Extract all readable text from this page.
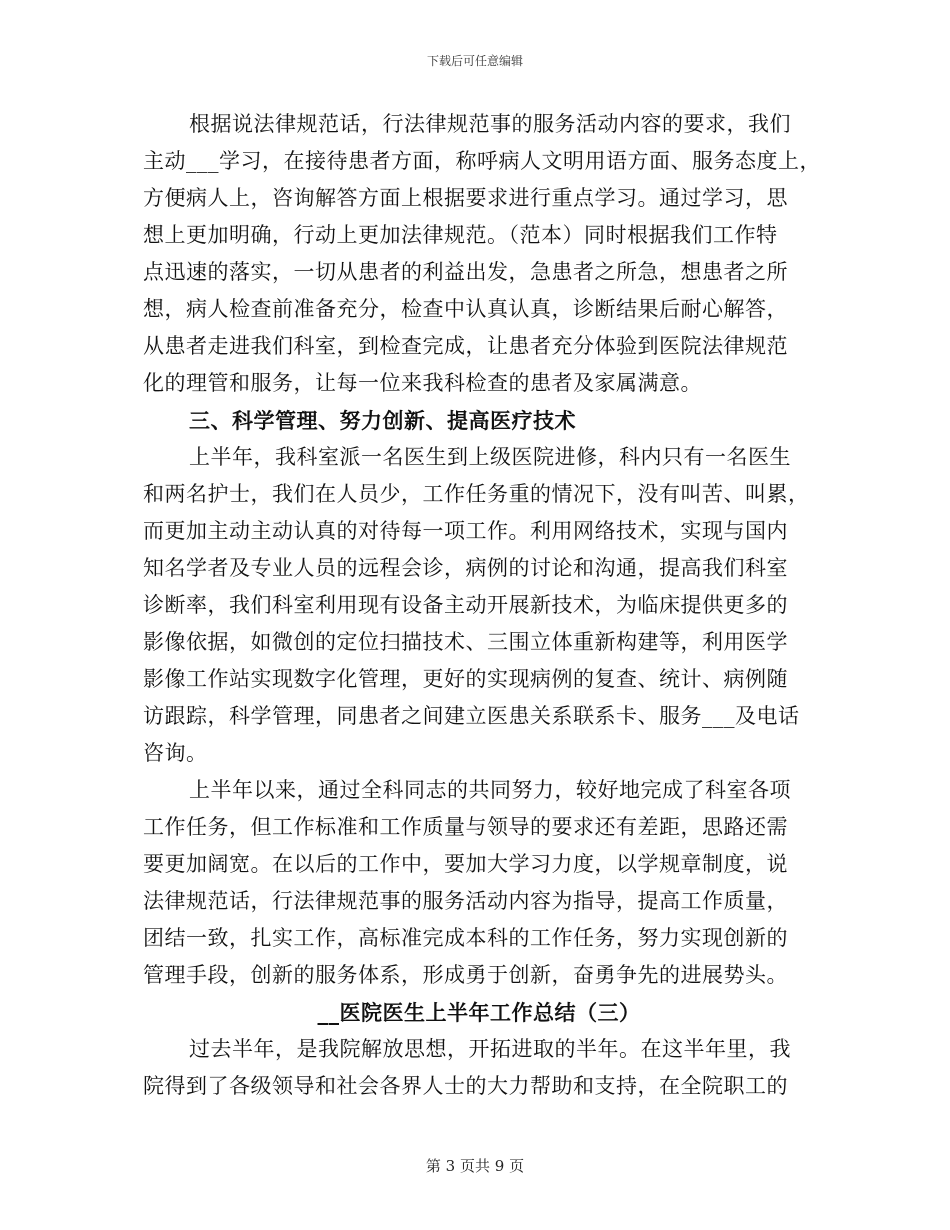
下载后可任意编辑
根据说法律规范话，行法律规范事的服务活动内容的要求，我们
主动___学习，在接待患者方面，称呼病人文明用语方面、服务态度上，
方便病人上，咨询解答方面上根据要求进行重点学习。通过学习，思
想上更加明确，行动上更加法律规范。（范本）同时根据我们工作特
点迅速的落实，一切从患者的利益出发，急患者之所急，想患者之所
想，病人检查前准备充分，检查中认真认真，诊断结果后耐心解答，
从患者走进我们科室，到检查完成，让患者充分体验到医院法律规范
化的理管和服务，让每一位来我科检查的患者及家属满意。
三、科学管理、努力创新、提高医疗技术
上半年，我科室派一名医生到上级医院进修，科内只有一名医生
和两名护士，我们在人员少，工作任务重的情况下，没有叫苦、叫累，
而更加主动主动认真的对待每一项工作。利用网络技术，实现与国内
知名学者及专业人员的远程会诊，病例的讨论和沟通，提高我们科室
诊断率，我们科室利用现有设备主动开展新技术，为临床提供更多的
影像依据，如微创的定位扫描技术、三围立体重新构建等，利用医学
影像工作站实现数字化管理，更好的实现病例的复查、统计、病例随
访跟踪，科学管理，同患者之间建立医患关系联系卡、服务___及电话
咨询。
上半年以来，通过全科同志的共同努力，较好地完成了科室各项
工作任务，但工作标准和工作质量与领导的要求还有差距，思路还需
要更加阔宽。在以后的工作中，要加大学习力度，以学规章制度，说
法律规范话，行法律规范事的服务活动内容为指导，提高工作质量，
团结一致，扎实工作，高标准完成本科的工作任务，努力实现创新的
管理手段，创新的服务体系，形成勇于创新，奋勇争先的进展势头。
__医院医生上半年工作总结（三）
过去半年，是我院解放思想，开拓进取的半年。在这半年里，我
院得到了各级领导和社会各界人士的大力帮助和支持，在全院职工的
第 3 页共 9 页
